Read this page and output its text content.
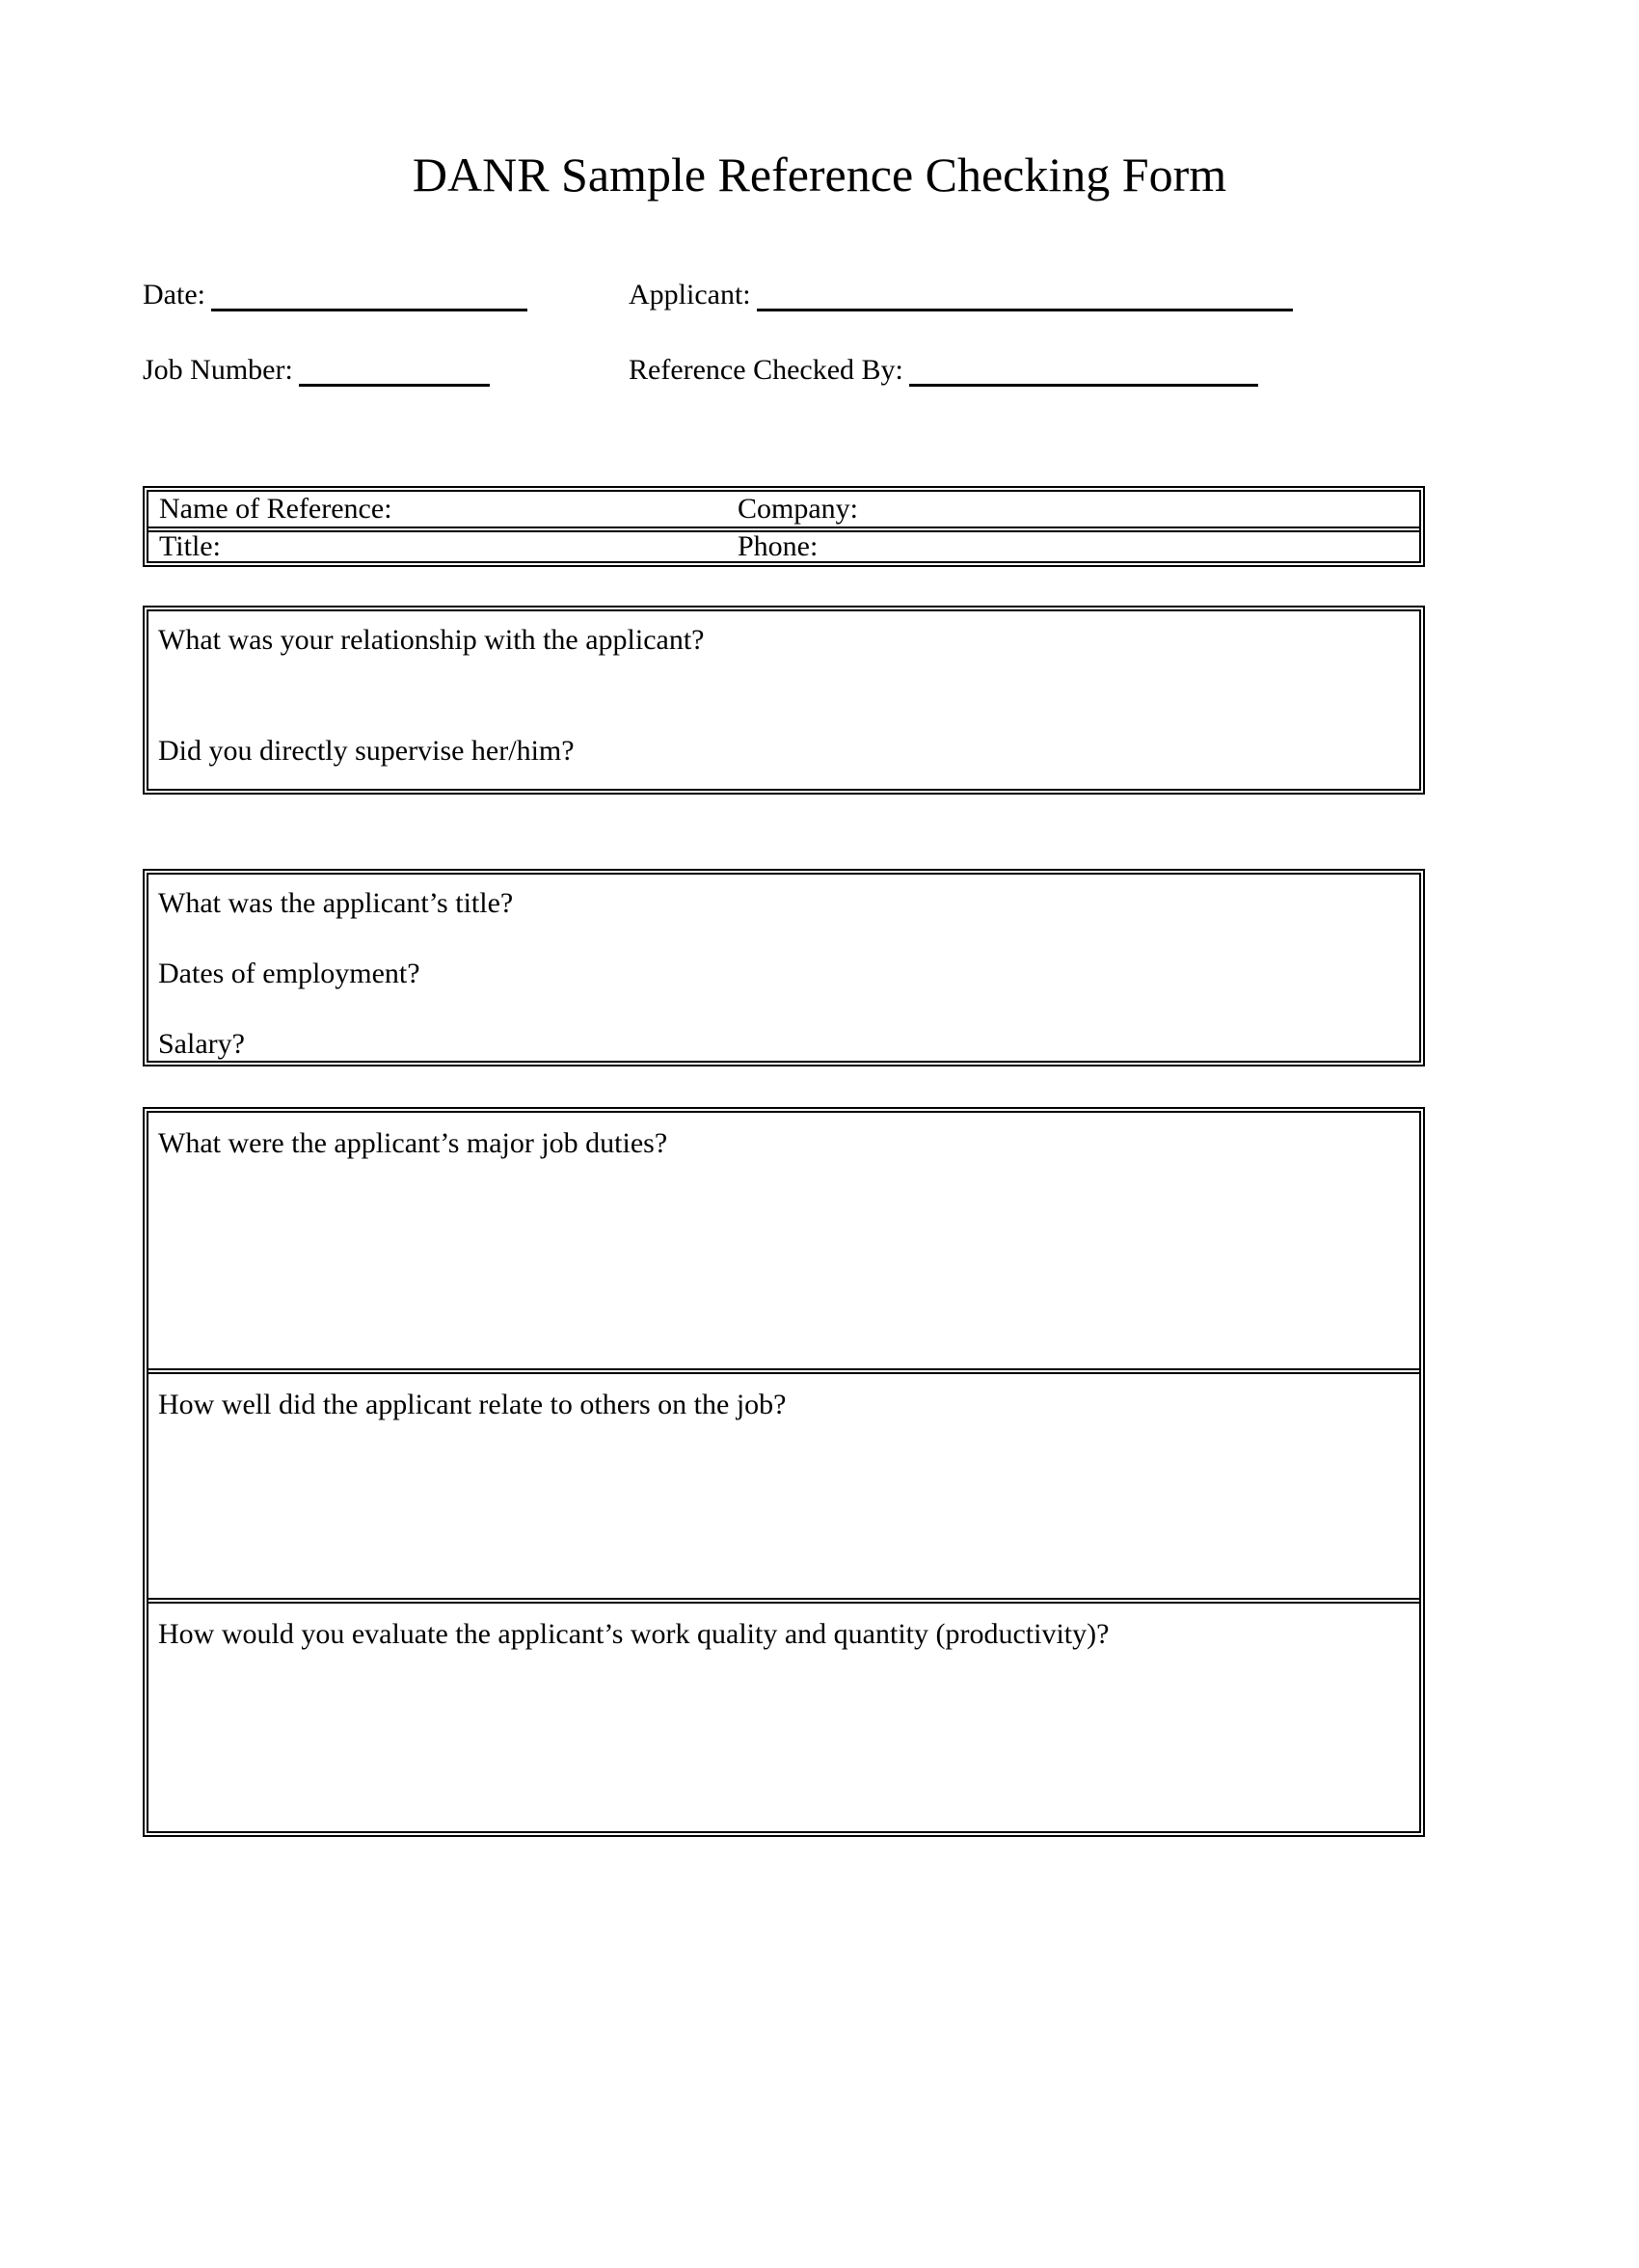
DANR Sample Reference Checking Form
Date:	Applicant:
Job Number:	Reference Checked By:
Name of Reference:	Company:
Title:	Phone:

What was your relationship with the applicant?

Did you directly supervise her/him?

What was the applicant’s title?

Dates of employment?

Salary?

What were the applicant’s major job duties?

How well did the applicant relate to others on the job?

How would you evaluate the applicant’s work quality and quantity (productivity)?
